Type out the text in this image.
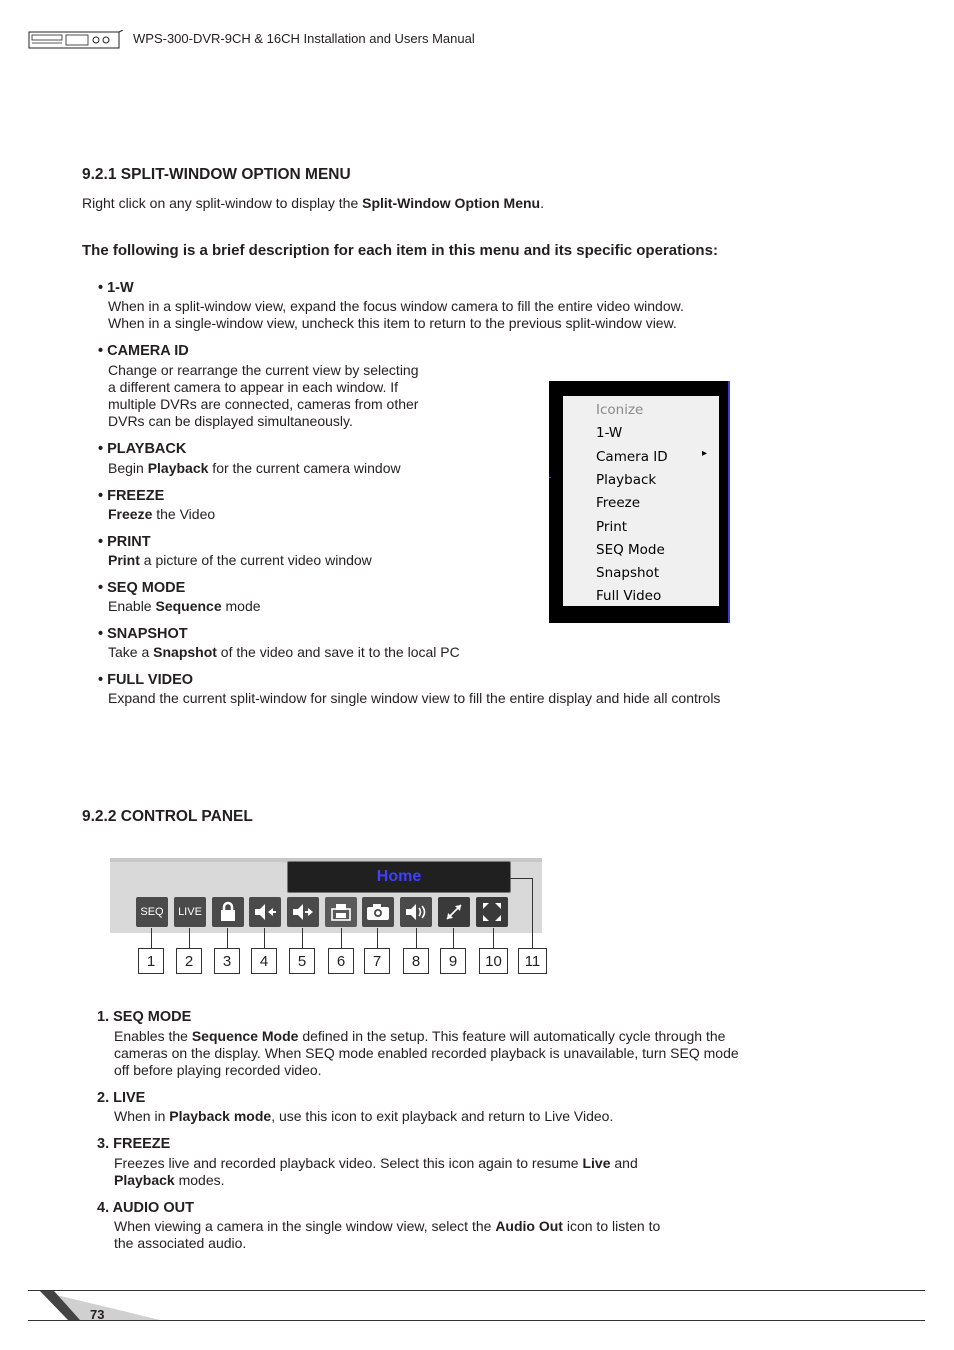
WPS-300-DVR-9CH & 16CH Installation and Users Manual
9.2.1 SPLIT-WINDOW OPTION MENU
Right click on any split-window to display the Split-Window Option Menu.
The following is a brief description for each item in this menu and its specific operations:
• 1-W
When in a split-window view, expand the focus window camera to fill the entire video window.
When in a single-window view, uncheck this item to return to the previous split-window view.
• CAMERA ID
Change or rearrange the current view by selecting
a different camera to appear in each window. If
multiple DVRs are connected, cameras from other
DVRs can be displayed simultaneously.
• PLAYBACK
Begin Playback for the current camera window
• FREEZE
Freeze the Video
• PRINT
Print a picture of the current video window
• SEQ MODE
Enable Sequence mode
• SNAPSHOT
Take a Snapshot of the video and save it to the local PC
• FULL VIDEO
Expand the current split-window for single window view to fill the entire display and hide all controls
Iconize
1-W
Camera ID	▸
Playback
Freeze
Print
SEQ Mode
Snapshot
Full Video
9.2.2 CONTROL PANEL
Home
SEQ	LIVE
1	2	3	4	5	6	7	8	9	10	11
1. SEQ MODE
Enables the Sequence Mode defined in the setup. This feature will automatically cycle through the
cameras on the display. When SEQ mode enabled recorded playback is unavailable, turn SEQ mode
off before playing recorded video.
2. LIVE
When in Playback mode, use this icon to exit playback and return to Live Video.
3. FREEZE
Freezes live and recorded playback video. Select this icon again to resume Live and
Playback modes.
4. AUDIO OUT
When viewing a camera in the single window view, select the Audio Out icon to listen to
the associated audio.
73
